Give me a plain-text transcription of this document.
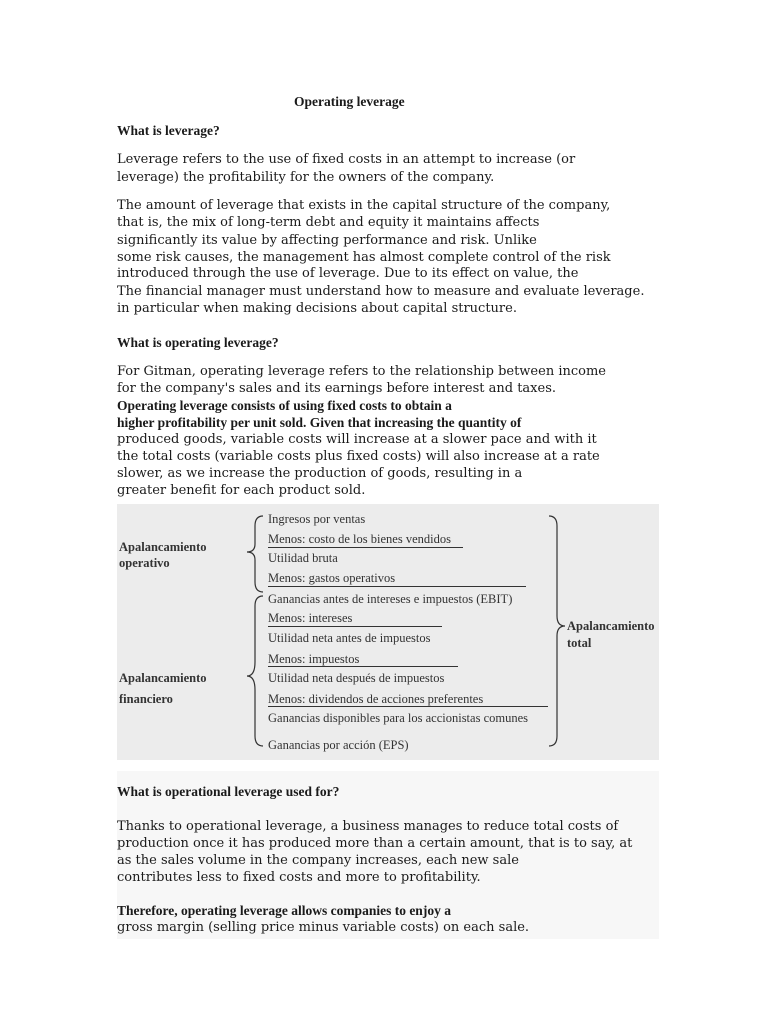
Operating leverage
What is leverage?
Leverage refers to the use of fixed costs in an attempt to increase (or
leverage) the profitability for the owners of the company.
The amount of leverage that exists in the capital structure of the company,
that is, the mix of long-term debt and equity it maintains affects
significantly its value by affecting performance and risk. Unlike
some risk causes, the management has almost complete control of the risk
introduced through the use of leverage. Due to its effect on value, the
The financial manager must understand how to measure and evaluate leverage.
in particular when making decisions about capital structure.
What is operating leverage?
For Gitman, operating leverage refers to the relationship between income
for the company's sales and its earnings before interest and taxes.
Operating leverage consists of using fixed costs to obtain a
higher profitability per unit sold. Given that increasing the quantity of
produced goods, variable costs will increase at a slower pace and with it
the total costs (variable costs plus fixed costs) will also increase at a rate
slower, as we increase the production of goods, resulting in a
greater benefit for each product sold.
Apalancamiento
operativo
Apalancamiento
financiero
Apalancamiento
total
Ingresos por ventas
Menos: costo de los bienes vendidos
Utilidad bruta
Menos: gastos operativos
Ganancias antes de intereses e impuestos (EBIT)
Menos: intereses
Utilidad neta antes de impuestos
Menos: impuestos
Utilidad neta después de impuestos
Menos: dividendos de acciones preferentes
Ganancias disponibles para los accionistas comunes
Ganancias por acción (EPS)
What is operational leverage used for?
Thanks to operational leverage, a business manages to reduce total costs of
production once it has produced more than a certain amount, that is to say, at
as the sales volume in the company increases, each new sale
contributes less to fixed costs and more to profitability.
Therefore, operating leverage allows companies to enjoy a
gross margin (selling price minus variable costs) on each sale.
